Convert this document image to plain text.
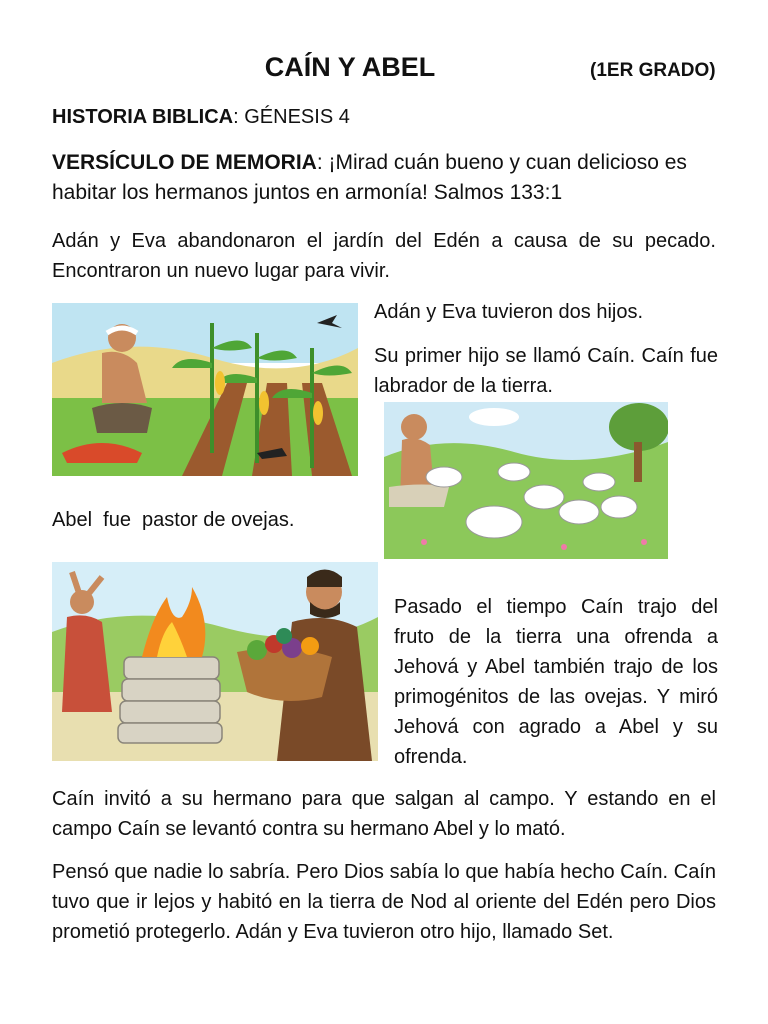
CAÍN Y ABEL	(1ER GRADO)
HISTORIA BIBLICA: GÉNESIS 4
VERSÍCULO DE MEMORIA: ¡Mirad cuán bueno y cuan delicioso es habitar los hermanos juntos en armonía! Salmos 133:1
Adán y Eva abandonaron el jardín del Edén a causa de su pecado. Encontraron un nuevo lugar para vivir.
Adán y Eva tuvieron dos hijos.
Su primer hijo se llamó Caín. Caín fue labrador de la tierra.
Abel  fue  pastor de ovejas.
Pasado el tiempo Caín trajo del fruto de la tierra una ofrenda a Jehová y Abel también trajo de los primogénitos de las ovejas. Y miró Jehová con agrado a Abel y su ofrenda.
Caín invitó a su hermano para que salgan al campo. Y estando en el campo Caín se levantó contra su hermano Abel y lo mató.
Pensó que nadie lo sabría. Pero Dios sabía lo que había hecho Caín. Caín tuvo que ir lejos y habitó en la tierra de Nod al oriente del Edén pero Dios prometió protegerlo. Adán y Eva tuvieron otro hijo, llamado Set.
